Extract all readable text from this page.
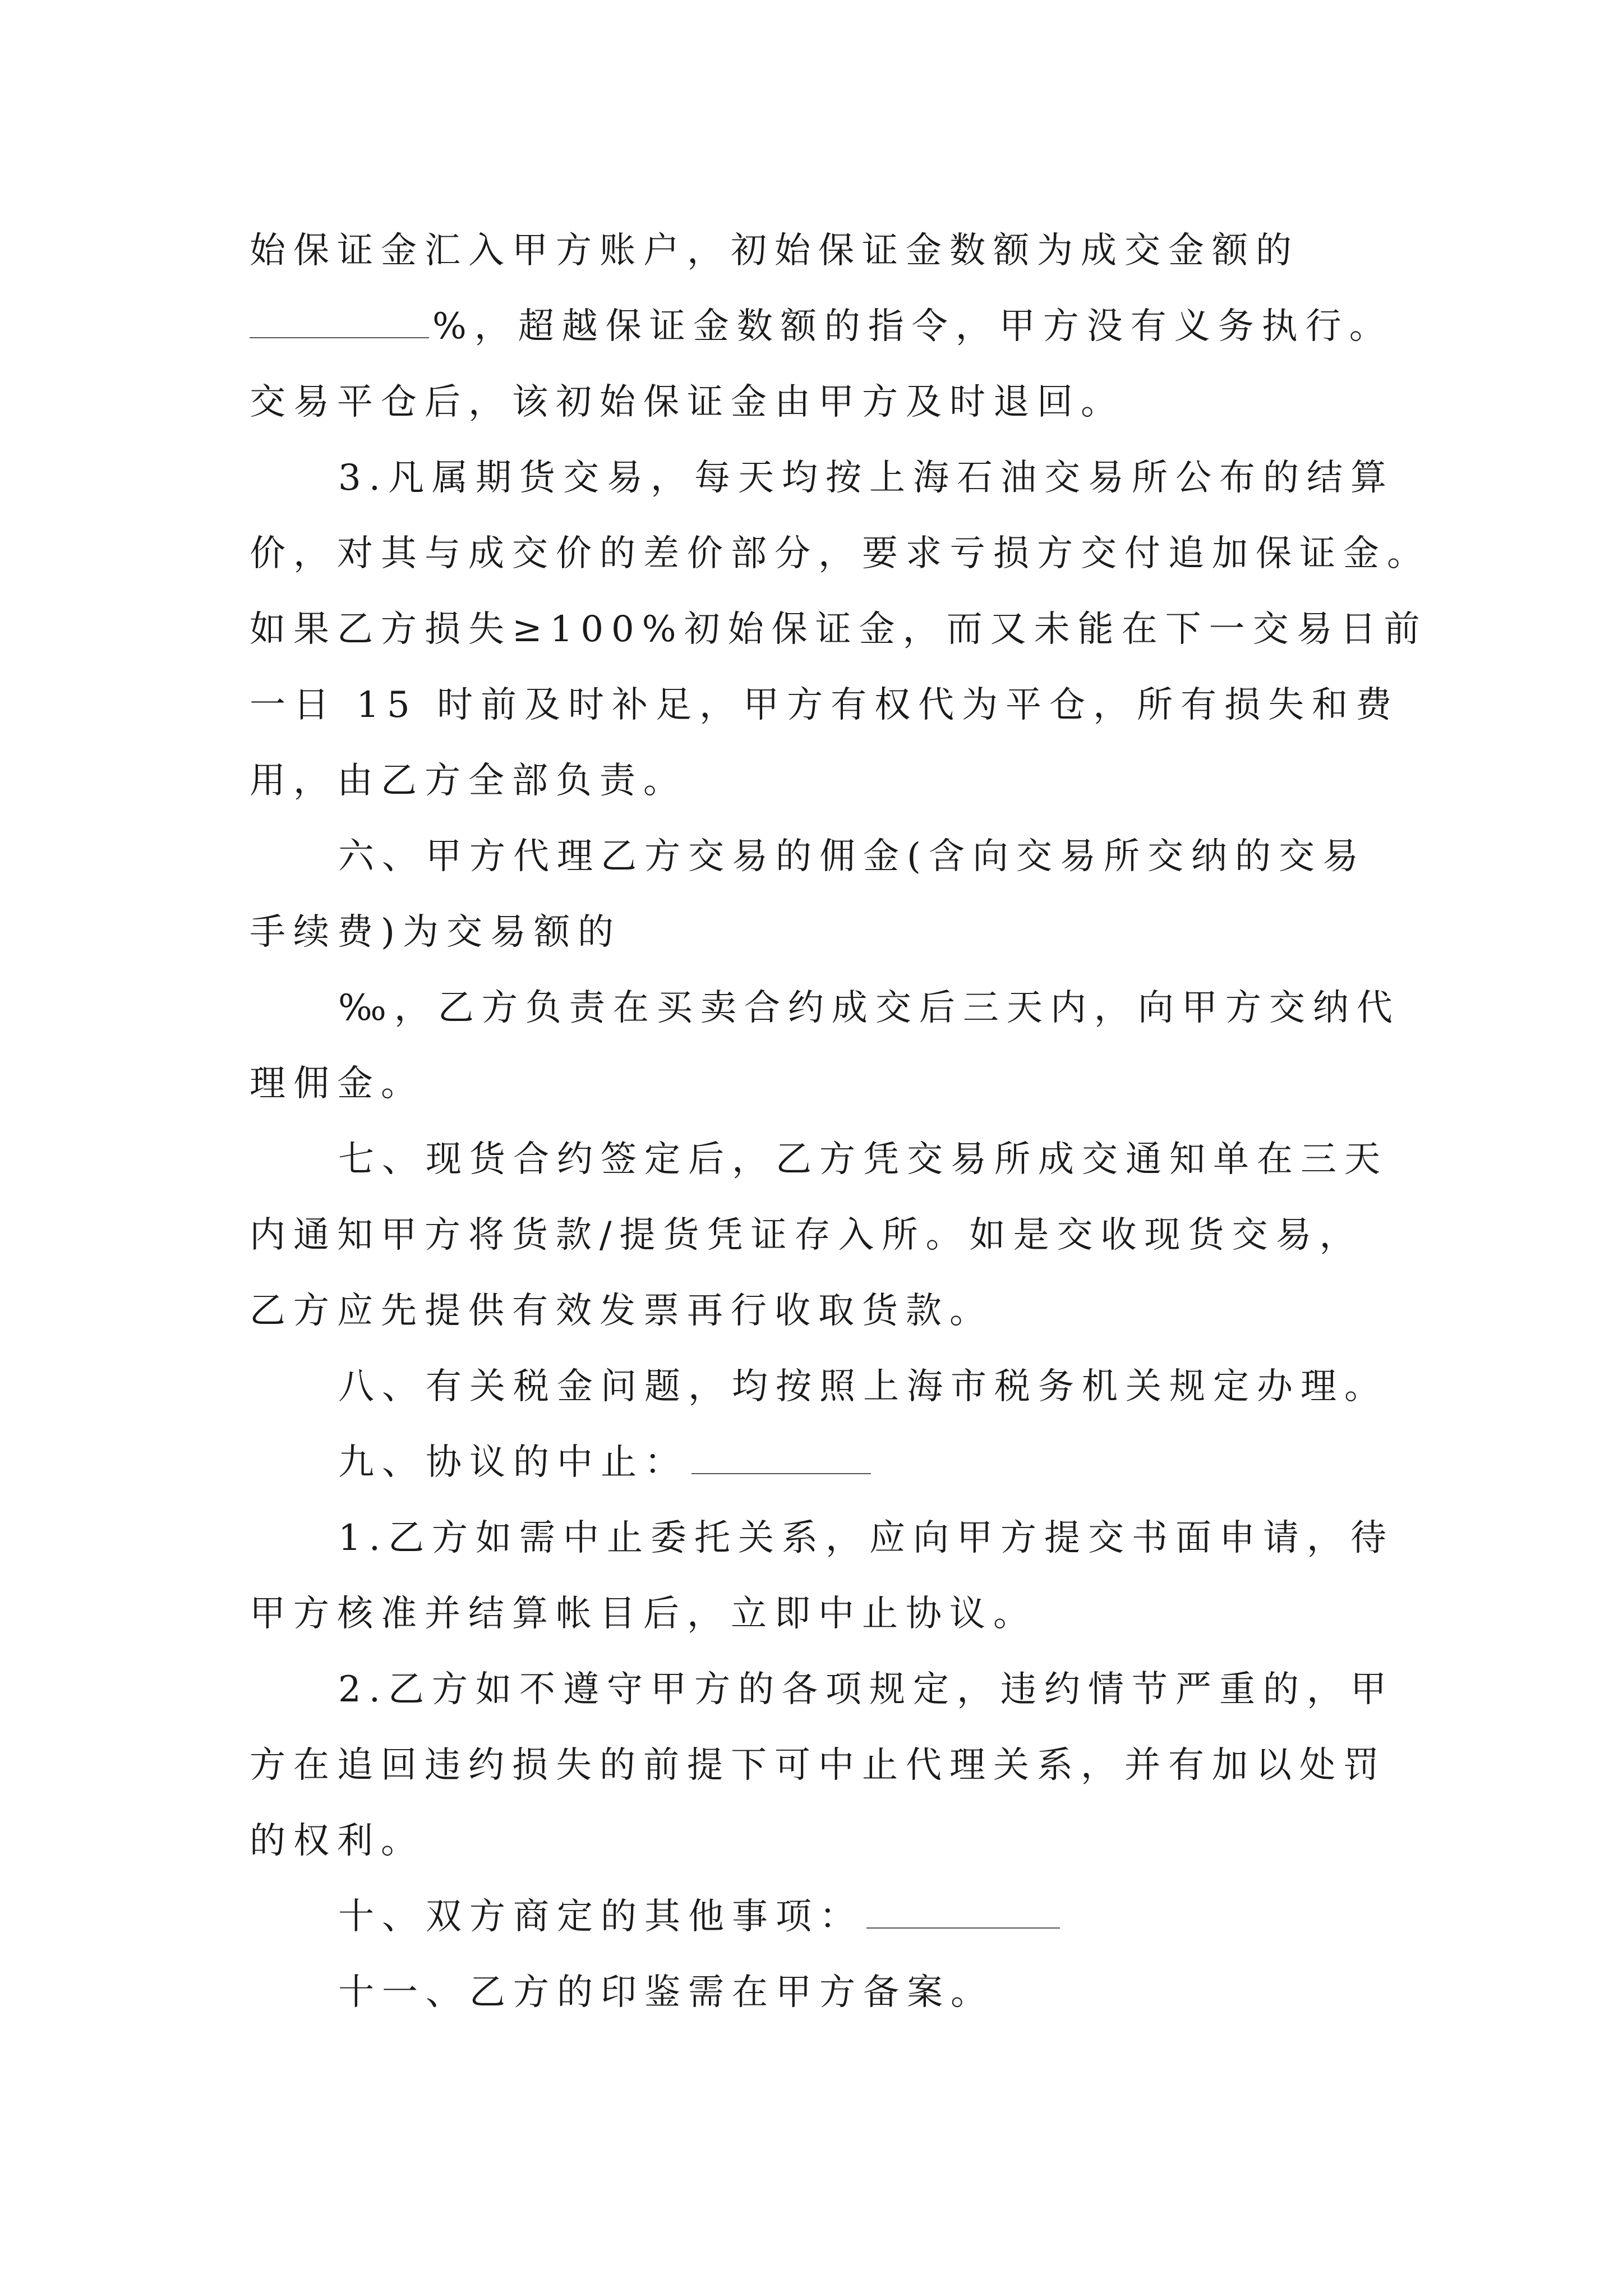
始保证金汇入甲方账户，初始保证金数额为成交金额的
%，超越保证金数额的指令，甲方没有义务执行。
交易平仓后，该初始保证金由甲方及时退回。
3.凡属期货交易，每天均按上海石油交易所公布的结算
价，对其与成交价的差价部分，要求亏损方交付追加保证金。
如果乙方损失≥100%初始保证金，而又未能在下一交易日前
一日 15 时前及时补足，甲方有权代为平仓，所有损失和费
用，由乙方全部负责。
六、甲方代理乙方交易的佣金(含向交易所交纳的交易
手续费)为交易额的
‰，乙方负责在买卖合约成交后三天内，向甲方交纳代
理佣金。
七、现货合约签定后，乙方凭交易所成交通知单在三天
内通知甲方将货款/提货凭证存入所。如是交收现货交易，
乙方应先提供有效发票再行收取货款。
八、有关税金问题，均按照上海市税务机关规定办理。
九、协议的中止：
1.乙方如需中止委托关系，应向甲方提交书面申请，待
甲方核准并结算帐目后，立即中止协议。
2.乙方如不遵守甲方的各项规定，违约情节严重的，甲
方在追回违约损失的前提下可中止代理关系，并有加以处罚
的权利。
十、双方商定的其他事项：
十一、乙方的印鉴需在甲方备案。
